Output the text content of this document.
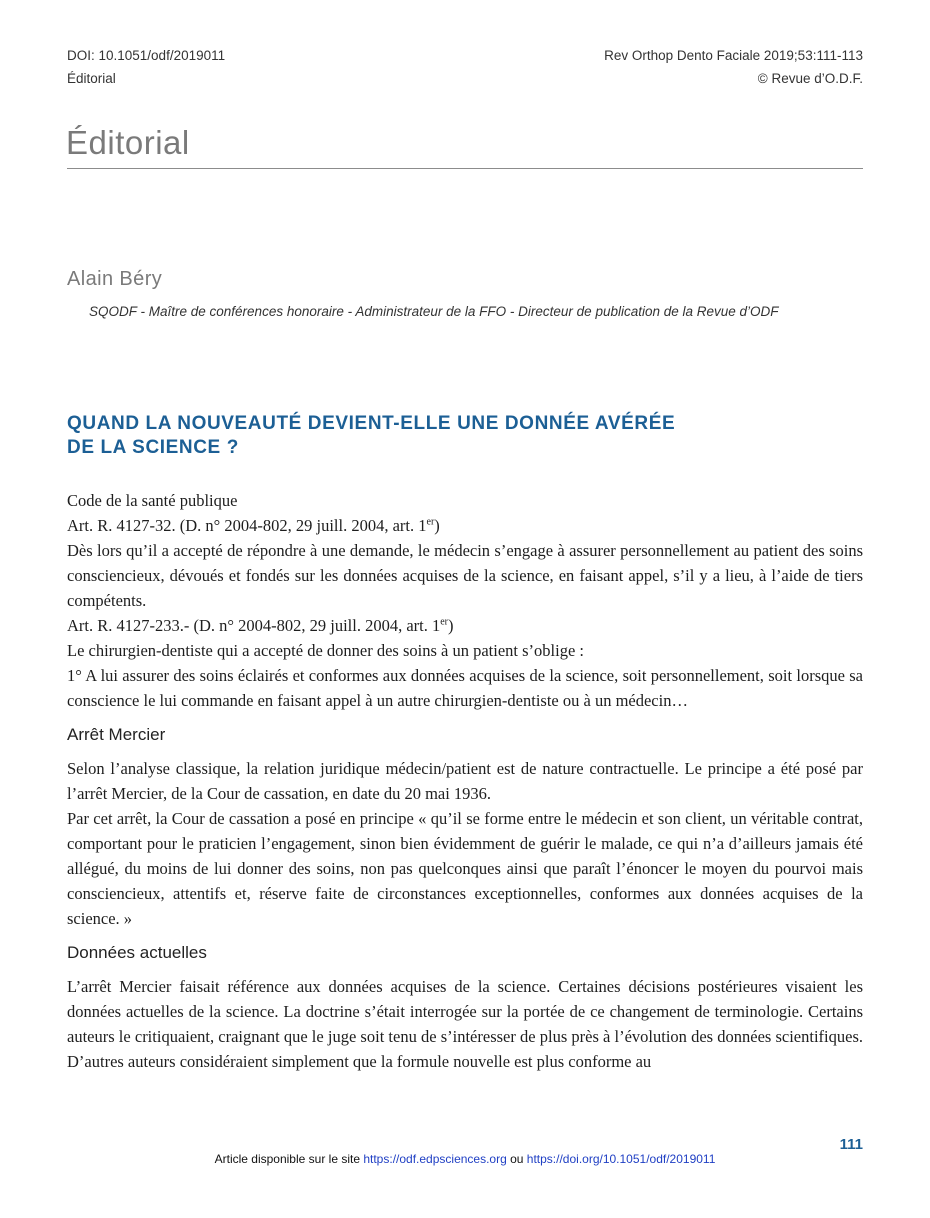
DOI: 10.1051/odf/2019011
Éditorial
Rev Orthop Dento Faciale 2019;53:111-113
© Revue d’O.D.F.
Éditorial
Alain Béry
SQODF - Maître de conférences honoraire - Administrateur de la FFO - Directeur de publication de la Revue d’ODF
QUAND LA NOUVEAUTÉ DEVIENT-ELLE UNE DONNÉE AVÉRÉE
DE LA SCIENCE ?

Code de la santé publique

Art. R. 4127-32. (D. n° 2004-802, 29 juill. 2004, art. 1er)

Dès lors qu’il a accepté de répondre à une demande, le médecin s’engage à assurer personnellement au patient des soins consciencieux, dévoués et fondés sur les données acquises de la science, en faisant appel, s’il y a lieu, à l’aide de tiers compétents.

Art. R. 4127-233.- (D. n° 2004-802, 29 juill. 2004, art. 1er)

Le chirurgien-dentiste qui a accepté de donner des soins à un patient s’oblige :

1° A lui assurer des soins éclairés et conformes aux données acquises de la science, soit personnellement, soit lorsque sa conscience le lui commande en faisant appel à un autre chirurgien-dentiste ou à un médecin…

Arrêt Mercier

Selon l’analyse classique, la relation juridique médecin/patient est de nature contractuelle. Le principe a été posé par l’arrêt Mercier, de la Cour de cassation, en date du 20 mai 1936.

Par cet arrêt, la Cour de cassation a posé en principe « qu’il se forme entre le médecin et son client, un véritable contrat, comportant pour le praticien l’engagement, sinon bien évidemment de guérir le malade, ce qui n’a d’ailleurs jamais été allégué, du moins de lui donner des soins, non pas quelconques ainsi que paraît l’énoncer le moyen du pourvoi mais consciencieux, attentifs et, réserve faite de circonstances exceptionnelles, conformes aux données acquises de la science. »

Données actuelles

L’arrêt Mercier faisait référence aux données acquises de la science. Certaines décisions postérieures visaient les données actuelles de la science. La doctrine s’était interrogée sur la portée de ce changement de terminologie. Certains auteurs le critiquaient, craignant que le juge soit tenu de s’intéresser de plus près à l’évolution des données scientifiques. D’autres auteurs considéraient simplement que la formule nouvelle est plus conforme au

111
Article disponible sur le site https://odf.edpsciences.org ou https://doi.org/10.1051/odf/2019011
